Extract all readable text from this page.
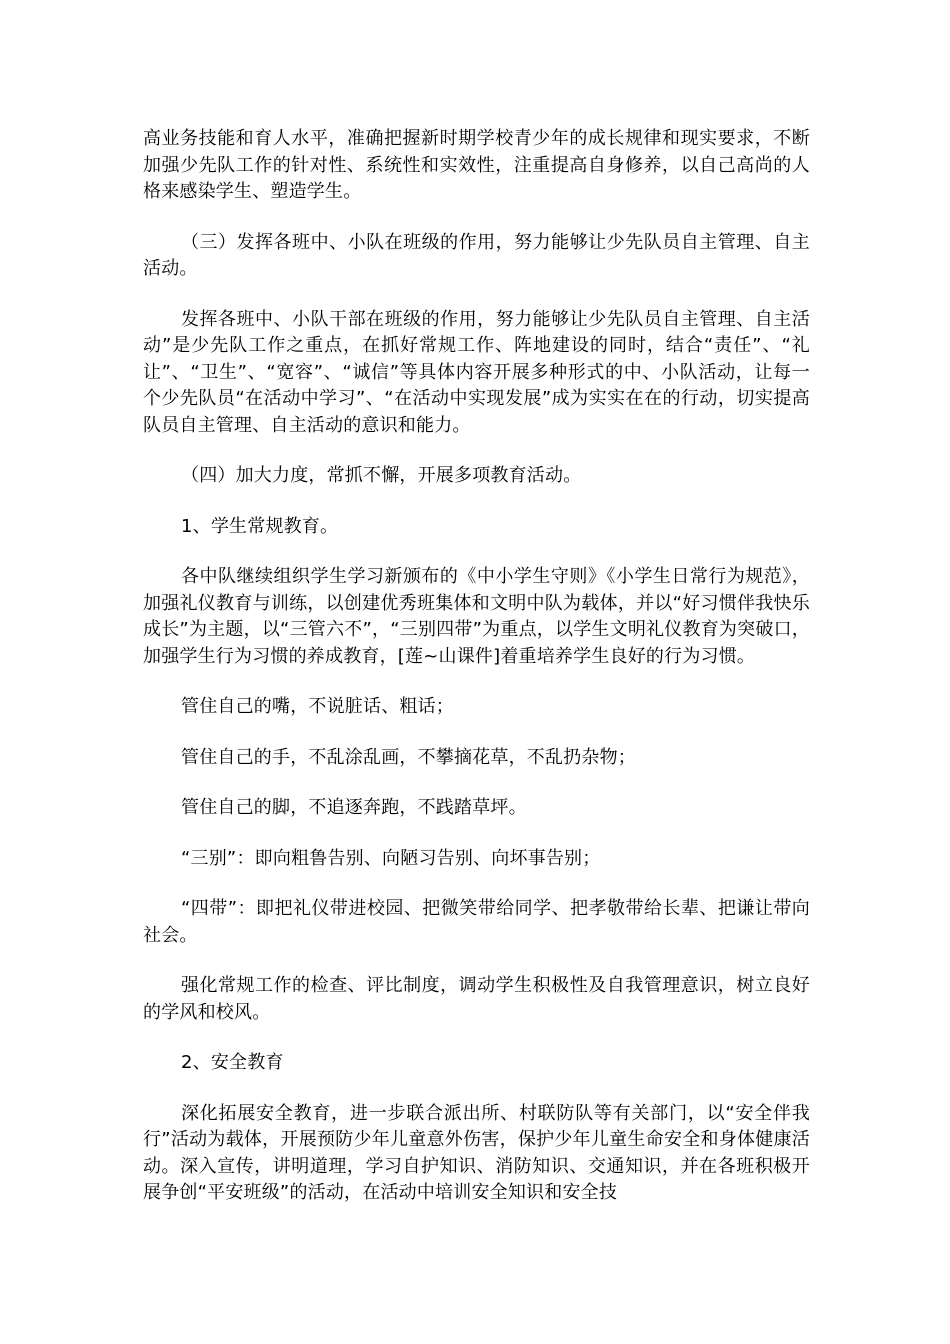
高业务技能和育人水平，准确把握新时期学校青少年的成长规律和现实要求，不断加强少先队工作的针对性、系统性和实效性，注重提高自身修养，以自己高尚的人格来感染学生、塑造学生。

（三）发挥各班中、小队在班级的作用，努力能够让少先队员自主管理、自主活动。

发挥各班中、小队干部在班级的作用，努力能够让少先队员自主管理、自主活动”是少先队工作之重点，在抓好常规工作、阵地建设的同时，结合“责任”、“礼让”、“卫生”、“宽容”、“诚信”等具体内容开展多种形式的中、小队活动，让每一个少先队员“在活动中学习”、“在活动中实现发展”成为实实在在的行动，切实提高队员自主管理、自主活动的意识和能力。

（四）加大力度，常抓不懈，开展多项教育活动。

1、学生常规教育。

各中队继续组织学生学习新颁布的《中小学生守则》《小学生日常行为规范》，加强礼仪教育与训练，以创建优秀班集体和文明中队为载体，并以“好习惯伴我快乐成长”为主题，以“三管六不”，“三别四带”为重点，以学生文明礼仪教育为突破口，加强学生行为习惯的养成教育，[莲~山课件]着重培养学生良好的行为习惯。

管住自己的嘴，不说脏话、粗话；

管住自己的手，不乱涂乱画，不攀摘花草，不乱扔杂物；

管住自己的脚，不追逐奔跑，不践踏草坪。

“三别”：即向粗鲁告别、向陋习告别、向坏事告别；

“四带”：即把礼仪带进校园、把微笑带给同学、把孝敬带给长辈、把谦让带向社会。

强化常规工作的检查、评比制度，调动学生积极性及自我管理意识，树立良好的学风和校风。

2、安全教育

深化拓展安全教育，进一步联合派出所、村联防队等有关部门，以“安全伴我行”活动为载体，开展预防少年儿童意外伤害，保护少年儿童生命安全和身体健康活动。深入宣传，讲明道理，学习自护知识、消防知识、交通知识，并在各班积极开展争创“平安班级”的活动，在活动中培训安全知识和安全技
